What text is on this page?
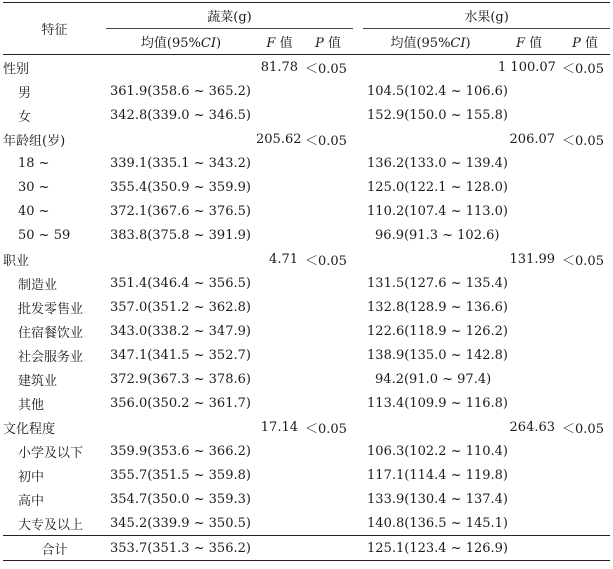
特征	蔬菜(g)				水果(g)		
	均值(95%CI)	F 值	P 值		均值(95%CI)	F 值	P 值
性别		81.78	＜0.05			1 100.07	＜0.05
男	361.9(358.6 ~ 365.2)				104.5(102.4 ~ 106.6)		
女	342.8(339.0 ~ 346.5)				152.9(150.0 ~ 155.8)		
年龄组(岁)		205.62	＜0.05			206.07	＜0.05
18 ~	339.1(335.1 ~ 343.2)				136.2(133.0 ~ 139.4)		
30 ~	355.4(350.9 ~ 359.9)				125.0(122.1 ~ 128.0)		
40 ~	372.1(367.6 ~ 376.5)				110.2(107.4 ~ 113.0)		
50 ~ 59	383.8(375.8 ~ 391.9)				96.9(91.3 ~ 102.6)		
职业		4.71	＜0.05			131.99	＜0.05
制造业	351.4(346.4 ~ 356.5)				131.5(127.6 ~ 135.4)		
批发零售业	357.0(351.2 ~ 362.8)				132.8(128.9 ~ 136.6)		
住宿餐饮业	343.0(338.2 ~ 347.9)				122.6(118.9 ~ 126.2)		
社会服务业	347.1(341.5 ~ 352.7)				138.9(135.0 ~ 142.8)		
建筑业	372.9(367.3 ~ 378.6)				94.2(91.0 ~ 97.4)		
其他	356.0(350.2 ~ 361.7)				113.4(109.9 ~ 116.8)		
文化程度		17.14	＜0.05			264.63	＜0.05
小学及以下	359.9(353.6 ~ 366.2)				106.3(102.2 ~ 110.4)		
初中	355.7(351.5 ~ 359.8)				117.1(114.4 ~ 119.8)		
高中	354.7(350.0 ~ 359.3)				133.9(130.4 ~ 137.4)		
大专及以上	345.2(339.9 ~ 350.5)				140.8(136.5 ~ 145.1)		
合计	353.7(351.3 ~ 356.2)				125.1(123.4 ~ 126.9)		
